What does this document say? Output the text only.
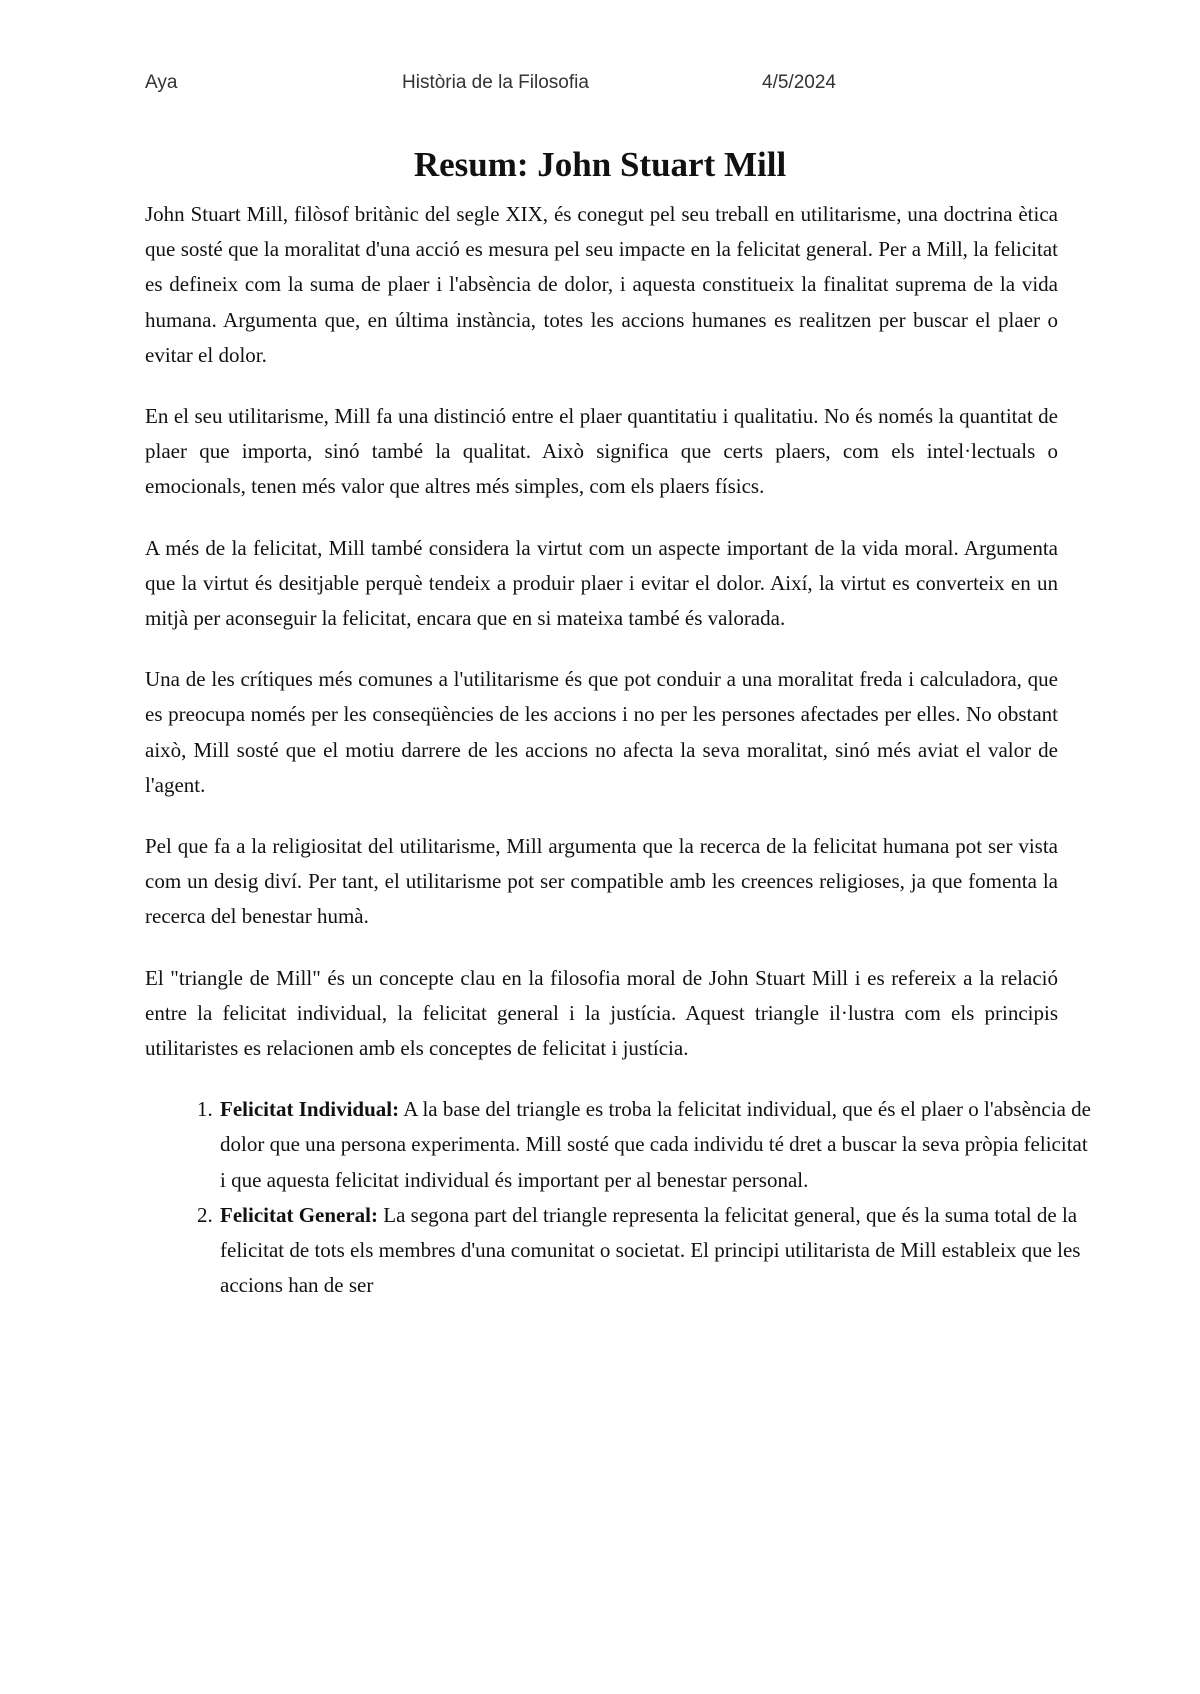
Aya	Història de la Filosofia	4/5/2024
Resum: John Stuart Mill

John Stuart Mill, filòsof britànic del segle XIX, és conegut pel seu treball en utilitarisme, una doctrina ètica que sosté que la moralitat d'una acció es mesura pel seu impacte en la felicitat general. Per a Mill, la felicitat es defineix com la suma de plaer i l'absència de dolor, i aquesta constitueix la finalitat suprema de la vida humana. Argumenta que, en última instància, totes les accions humanes es realitzen per buscar el plaer o evitar el dolor.

En el seu utilitarisme, Mill fa una distinció entre el plaer quantitatiu i qualitatiu. No és només la quantitat de plaer que importa, sinó també la qualitat. Això significa que certs plaers, com els intel·lectuals o emocionals, tenen més valor que altres més simples, com els plaers físics.

A més de la felicitat, Mill també considera la virtut com un aspecte important de la vida moral. Argumenta que la virtut és desitjable perquè tendeix a produir plaer i evitar el dolor. Així, la virtut es converteix en un mitjà per aconseguir la felicitat, encara que en si mateixa també és valorada.

Una de les crítiques més comunes a l'utilitarisme és que pot conduir a una moralitat freda i calculadora, que es preocupa només per les conseqüències de les accions i no per les persones afectades per elles. No obstant això, Mill sosté que el motiu darrere de les accions no afecta la seva moralitat, sinó més aviat el valor de l'agent.

Pel que fa a la religiositat del utilitarisme, Mill argumenta que la recerca de la felicitat humana pot ser vista com un desig diví. Per tant, el utilitarisme pot ser compatible amb les creences religioses, ja que fomenta la recerca del benestar humà.

El "triangle de Mill" és un concepte clau en la filosofia moral de John Stuart Mill i es refereix a la relació entre la felicitat individual, la felicitat general i la justícia. Aquest triangle il·lustra com els principis utilitaristes es relacionen amb els conceptes de felicitat i justícia.

1. Felicitat Individual: A la base del triangle es troba la felicitat individual, que és el plaer o l'absència de dolor que una persona experimenta. Mill sosté que cada individu té dret a buscar la seva pròpia felicitat i que aquesta felicitat individual és important per al benestar personal.
2. Felicitat General: La segona part del triangle representa la felicitat general, que és la suma total de la felicitat de tots els membres d'una comunitat o societat. El principi utilitarista de Mill estableix que les accions han de ser
